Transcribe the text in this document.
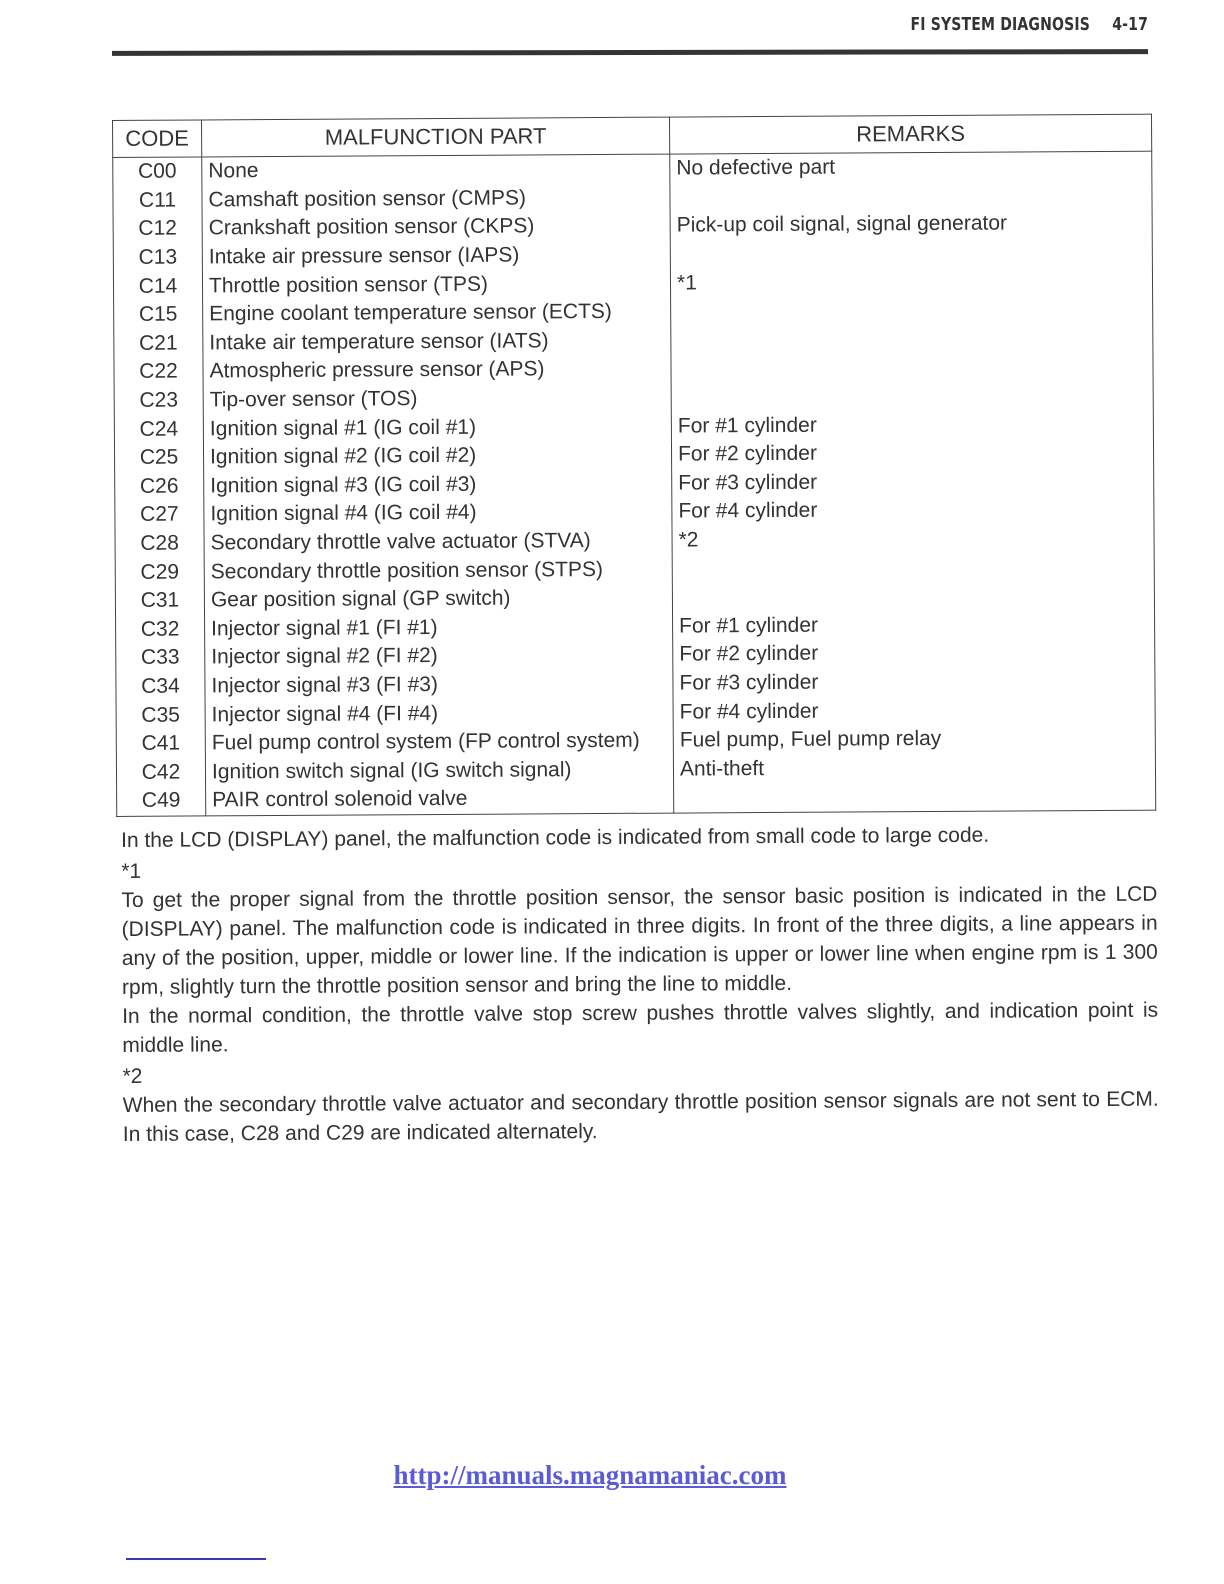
FI SYSTEM DIAGNOSIS 4-17
CODE	MALFUNCTION PART	REMARKS
C00	None	No defective part
C11	Camshaft position sensor (CMPS)	
C12	Crankshaft position sensor (CKPS)	Pick-up coil signal, signal generator
C13	Intake air pressure sensor (IAPS)	
C14	Throttle position sensor (TPS)	*1
C15	Engine coolant temperature sensor (ECTS)	
C21	Intake air temperature sensor (IATS)	
C22	Atmospheric pressure sensor (APS)	
C23	Tip-over sensor (TOS)	
C24	Ignition signal #1 (IG coil #1)	For #1 cylinder
C25	Ignition signal #2 (IG coil #2)	For #2 cylinder
C26	Ignition signal #3 (IG coil #3)	For #3 cylinder
C27	Ignition signal #4 (IG coil #4)	For #4 cylinder
C28	Secondary throttle valve actuator (STVA)	*2
C29	Secondary throttle position sensor (STPS)	
C31	Gear position signal (GP switch)	
C32	Injector signal #1 (FI #1)	For #1 cylinder
C33	Injector signal #2 (FI #2)	For #2 cylinder
C34	Injector signal #3 (FI #3)	For #3 cylinder
C35	Injector signal #4 (FI #4)	For #4 cylinder
C41	Fuel pump control system (FP control system)	Fuel pump, Fuel pump relay
C42	Ignition switch signal (IG switch signal)	Anti-theft
C49	PAIR control solenoid valve	

In the LCD (DISPLAY) panel, the malfunction code is indicated from small code to large code.

*1

To get the proper signal from the throttle position sensor, the sensor basic position is indicated in the LCD (DISPLAY) panel. The malfunction code is indicated in three digits. In front of the three digits, a line appears in any of the position, upper, middle or lower line. If the indication is upper or lower line when engine rpm is 1 300 rpm, slightly turn the throttle position sensor and bring the line to middle.

In the normal condition, the throttle valve stop screw pushes throttle valves slightly, and indication point is middle line.

*2

When the secondary throttle valve actuator and secondary throttle position sensor signals are not sent to ECM. In this case, C28 and C29 are indicated alternately.

http://manuals.magnamaniac.com
